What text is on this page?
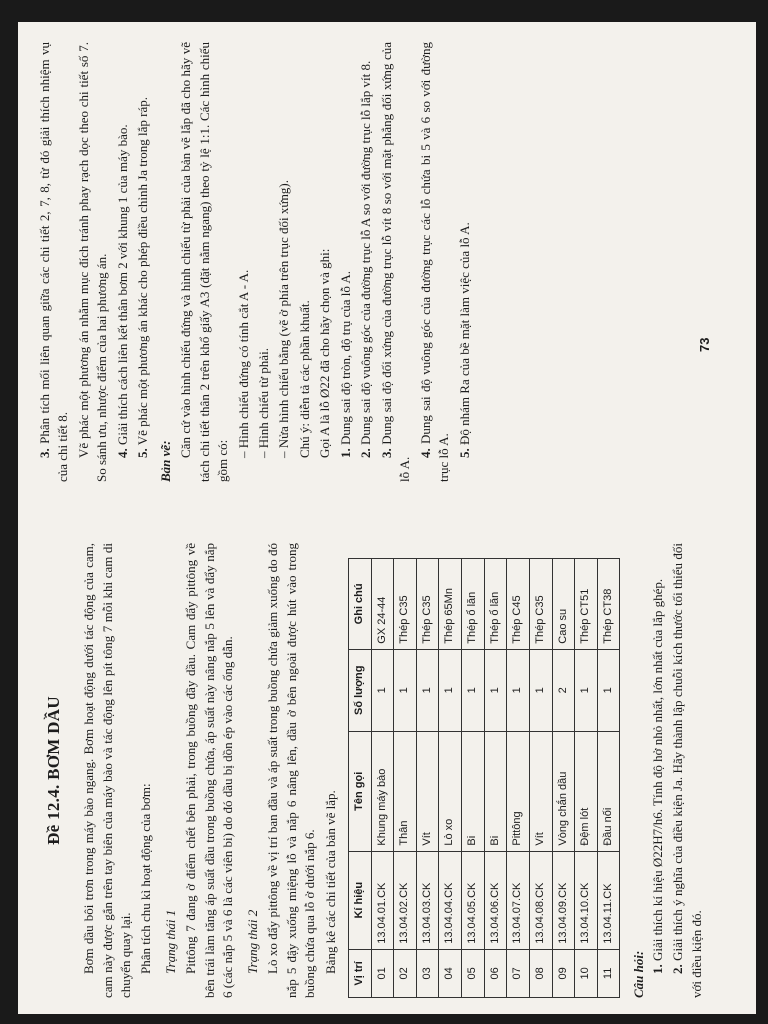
Đề 12.4. BƠM DẦU Bơm dầu bôi trơn trong máy bào ngang. Bơm hoạt động dưới tác động của cam, cam này được gắn trên tay biên của máy bào và tác động lên pít tông 7 mỗi khi cam di chuyển quay lại. Phân tích chu kì hoạt động của bơm: Trạng thái 1 Pittông 7 đang ở điểm chết bên phải, trong buồng đầy dầu. Cam đẩy pittông về bên trái làm tăng áp suất dầu trong buồng chứa, áp suất này nâng nắp 5 lên và đẩy nắp 6 (các nắp 5 và 6 là các viên bi) do đó dầu bị dồn ép vào các ống dẫn. Trạng thái 2 Lò xo đẩy pittông về vị trí ban đầu và áp suất trong buồng chứa giảm xuống do đó nắp 5 đậy xuống miệng lỗ và nắp 6 nâng lên, dầu ở bên ngoài được hút vào trong buồng chứa qua lỗ ở dưới nắp 6. Bảng kê các chi tiết của bản vẽ lắp. Vị trí	Kí hiệu	Tên gọi	Số lượng	Ghi chú
01	13.04.01.CK	Khung máy bào	1	GX 24-44
02	13.04.02.CK	Thân	1	Thép C35
03	13.04.03.CK	Vít	1	Thép C35
04	13.04.04.CK	Lò xo	1	Thép 65Mn
05	13.04.05.CK	Bi	1	Thép ổ lăn
06	13.04.06.CK	Bi	1	Thép ổ lăn
07	13.04.07.CK	Pittông	1	Thép C45
08	13.04.08.CK	Vít	1	Thép C35
09	13.04.09.CK	Vòng chắn dầu	2	Cao su
10	13.04.10.CK	Đệm lót	1	Thép CT51
11	13.04.11.CK	Đầu nối	1	Thép CT38
Câu hỏi: 1. Giải thích kí hiệu Ø22H7/h6. Tính độ hở nhỏ nhất, lớn nhất của lắp ghép.

2. Giải thích ý nghĩa của điều kiện Ja. Hãy thành lập chuỗi kích thước tối thiểu đối với điều kiện đó.

3. Phân tích mối liên quan giữa các chi tiết 2, 7, 8, từ đó giải thích nhiệm vụ của chi tiết 8. Vẽ phác một phương án nhằm mục đích tránh phay rạch dọc theo chi tiết số 7. So sánh ưu, nhược điểm của hai phương án. 4. Giải thích cách liên kết thân bơm 2 với khung 1 của máy bào.

5. Vẽ phác một phương án khác cho phép điều chỉnh Ja trong lắp ráp.

Bản vẽ:

Căn cứ vào hình chiếu đứng và hình chiếu từ phải của bản vẽ lắp đã cho hãy vẽ tách chi tiết thân 2 trên khổ giấy A3 (đặt nằm ngang) theo tỷ lệ 1:1. Các hình chiếu gồm có:

– Hình chiếu đứng có tính cắt A - A. – Hình chiếu từ phải. – Nửa hình chiếu bằng (vẽ ở phía trên trục đối xứng). Chú ý: diễn tả các phần khuất. Gọi A là lỗ Ø22 đã cho hãy chọn và ghi: 1. Dung sai độ tròn, độ trụ của lỗ A.

2. Dung sai độ vuông góc của đường trục lỗ A so với đường trục lỗ lắp vít 8.

3. Dung sai độ đối xứng của đường trục lỗ vít 8 so với mặt phẳng đối xứng của lỗ A.

4. Dung sai độ vuông góc của đường trục các lỗ chứa bi 5 và 6 so với đường trục lỗ A. 5. Độ nhám Ra của bề mặt làm việc của lỗ A.	73
